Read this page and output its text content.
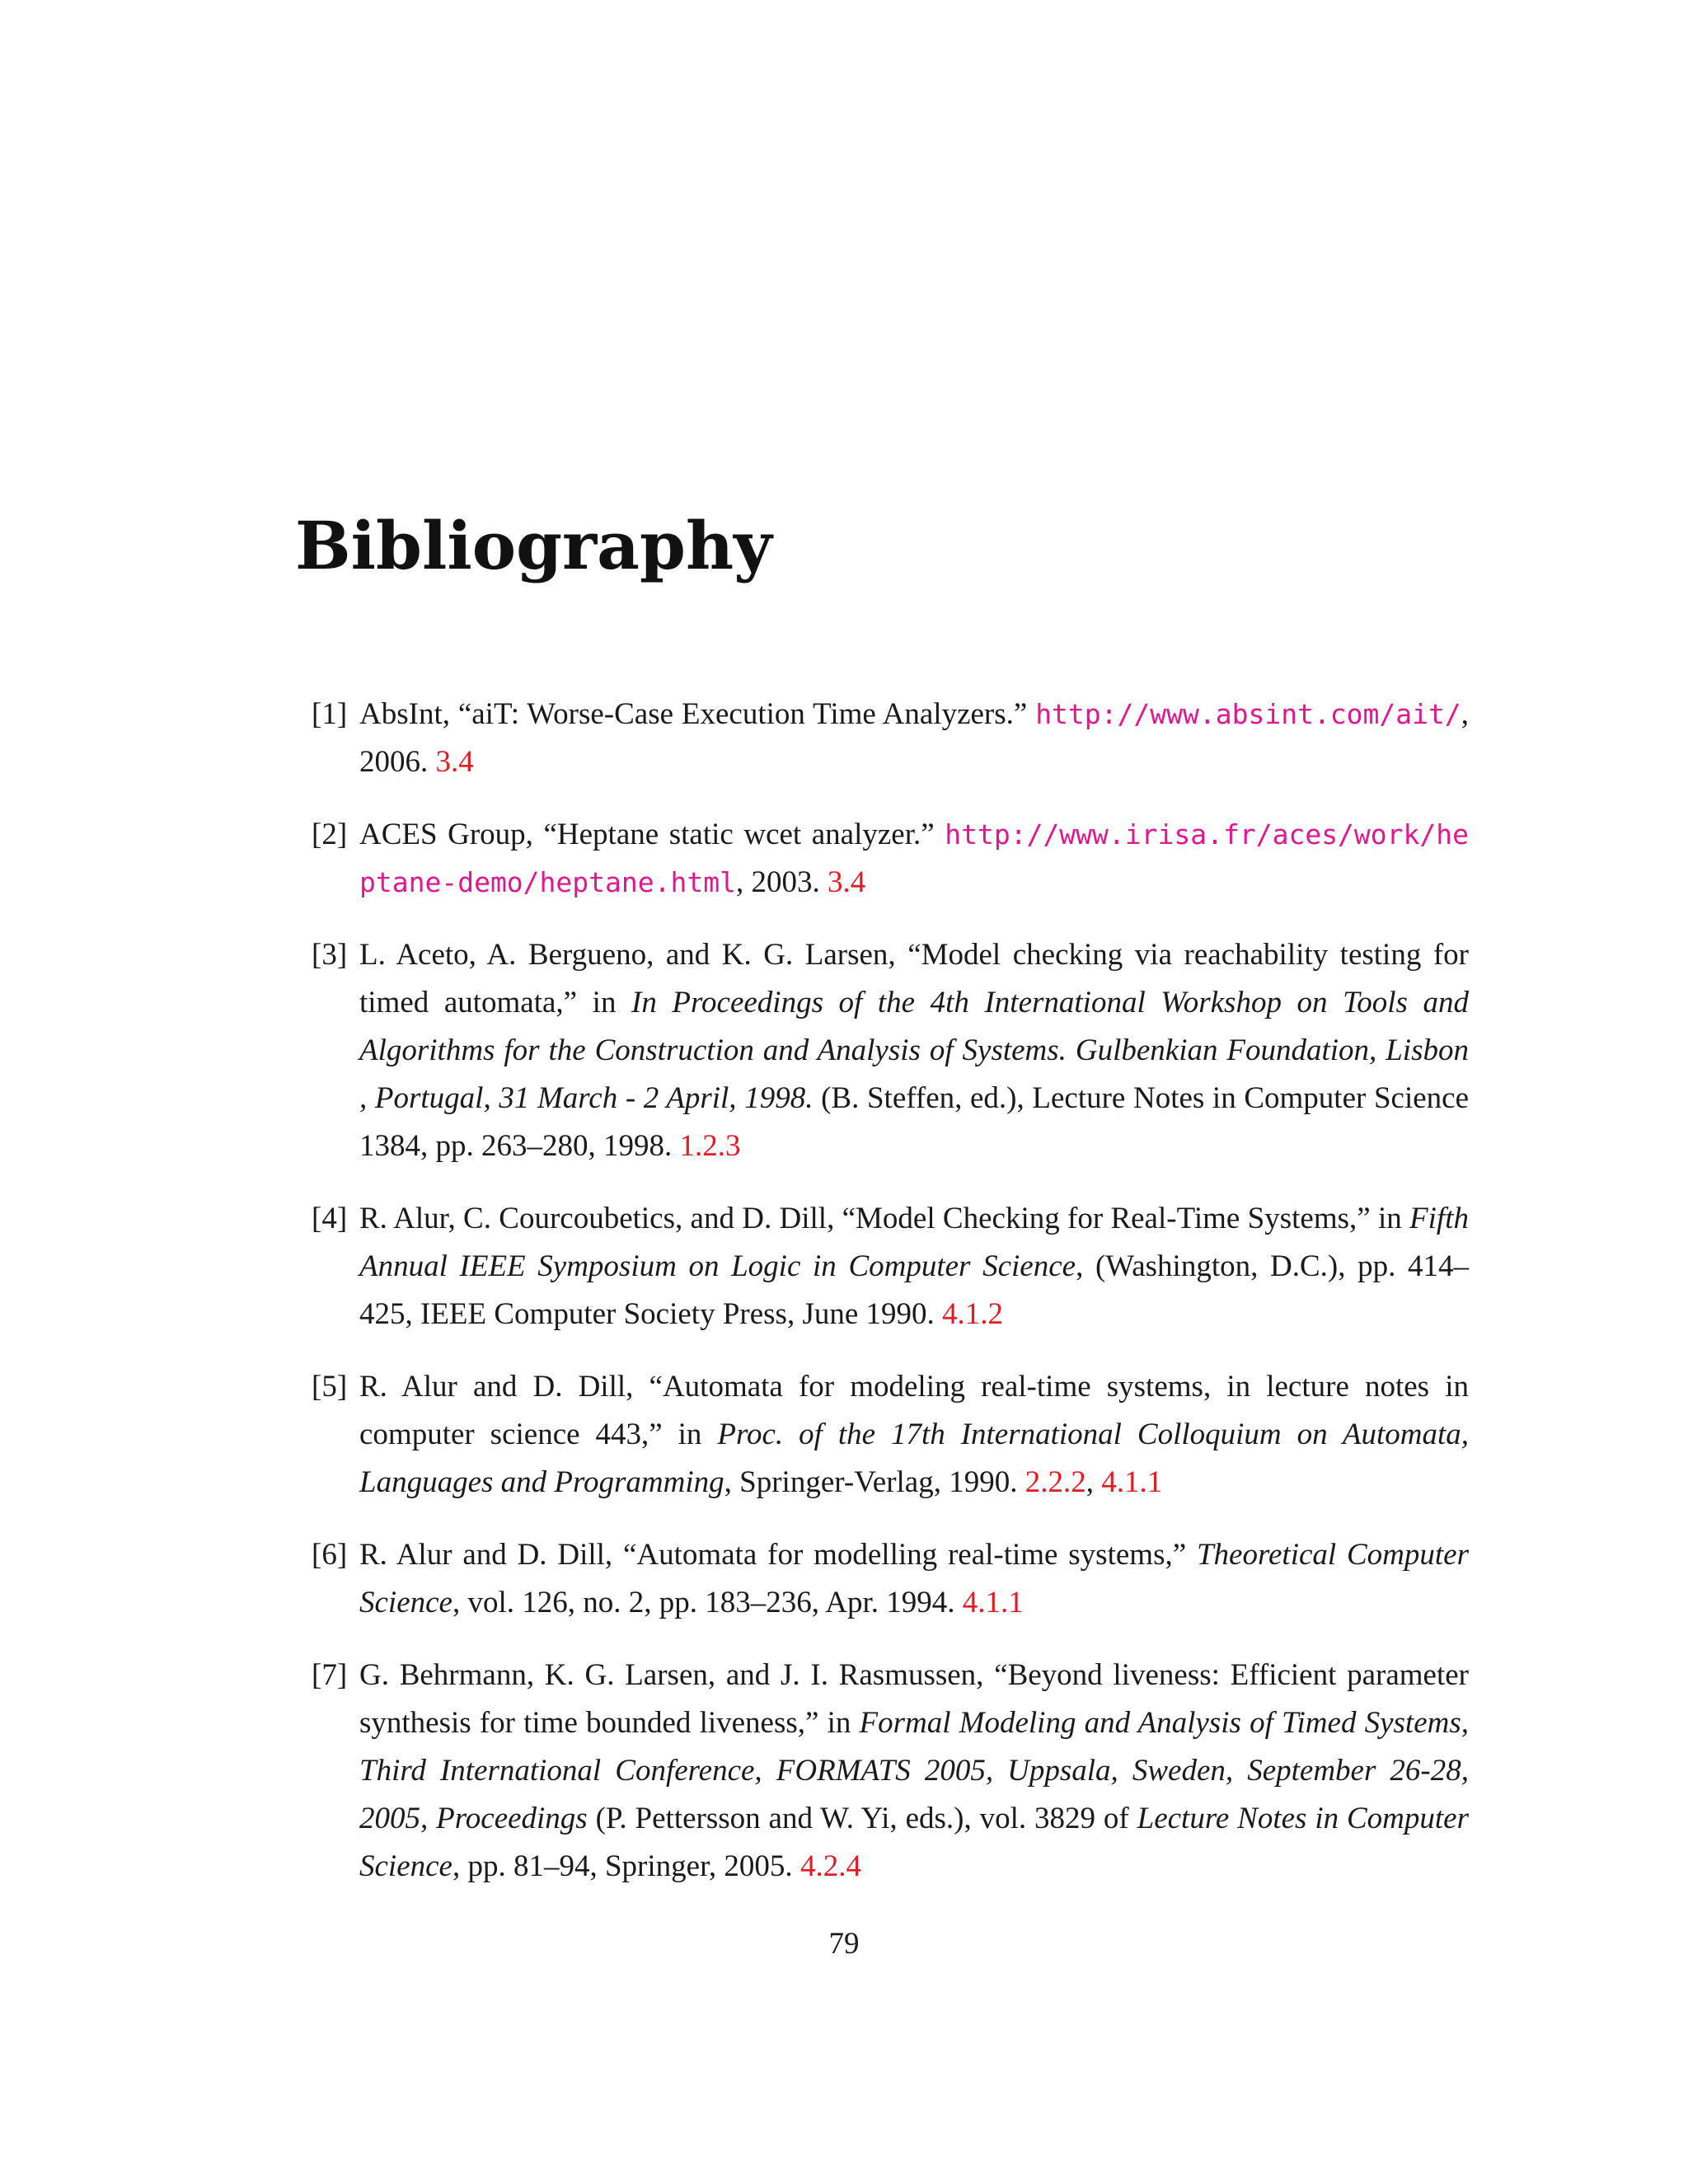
Bibliography
[1] AbsInt, “aiT: Worse-Case Execution Time Analyzers.” http://www.absint.com/ait/, 2006. 3.4
[2] ACES Group, “Heptane static wcet analyzer.” http://www.irisa.fr/aces/work/heptane-demo/heptane.html, 2003. 3.4
[3] L. Aceto, A. Bergueno, and K. G. Larsen, “Model checking via reachability testing for timed automata,” in In Proceedings of the 4th International Workshop on Tools and Algorithms for the Construction and Analysis of Systems. Gulbenkian Foundation, Lisbon , Portugal, 31 March - 2 April, 1998. (B. Steffen, ed.), Lecture Notes in Computer Science 1384, pp. 263–280, 1998. 1.2.3
[4] R. Alur, C. Courcoubetics, and D. Dill, “Model Checking for Real-Time Systems,” in Fifth Annual IEEE Symposium on Logic in Computer Science, (Washington, D.C.), pp. 414–425, IEEE Computer Society Press, June 1990. 4.1.2
[5] R. Alur and D. Dill, “Automata for modeling real-time systems, in lecture notes in computer science 443,” in Proc. of the 17th International Colloquium on Automata, Languages and Programming, Springer-Verlag, 1990. 2.2.2, 4.1.1
[6] R. Alur and D. Dill, “Automata for modelling real-time systems,” Theoretical Computer Science, vol. 126, no. 2, pp. 183–236, Apr. 1994. 4.1.1
[7] G. Behrmann, K. G. Larsen, and J. I. Rasmussen, “Beyond liveness: Efficient parameter synthesis for time bounded liveness,” in Formal Modeling and Analysis of Timed Systems, Third International Conference, FORMATS 2005, Uppsala, Sweden, September 26-28, 2005, Proceedings (P. Pettersson and W. Yi, eds.), vol. 3829 of Lecture Notes in Computer Science, pp. 81–94, Springer, 2005. 4.2.4
79
